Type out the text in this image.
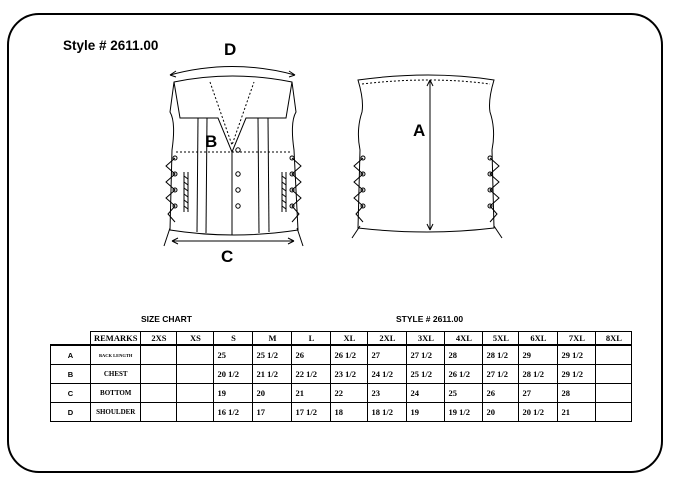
Style # 2611.00	D
B
C
A
SIZE CHART	STYLE # 2611.00
	REMARKS	2XS	XS	S	M	L	XL	2XL	3XL	4XL	5XL	6XL	7XL	8XL
A	BACK LENGTH			25	25 1/2	26	26 1/2	27	27 1/2	28	28 1/2	29	29 1/2	
B	CHEST			20 1/2	21 1/2	22 1/2	23 1/2	24 1/2	25 1/2	26 1/2	27 1/2	28 1/2	29 1/2	
C	BOTTOM			19	20	21	22	23	24	25	26	27	28	
D	SHOULDER			16 1/2	17	17 1/2	18	18 1/2	19	19 1/2	20	20 1/2	21	
